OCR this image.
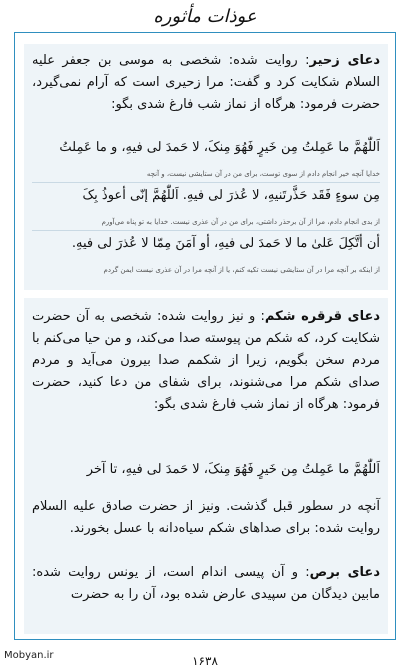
عوذات مأثوره

دعای زحیر: روایت شده: شخصی به موسی بن جعفر علیه السلام شکایت کرد و گفت: مرا زحیری است که آرام نمی‌گیرد، حضرت فرمود: هرگاه از نماز شب فارغ شدی بگو:

اَللّٰهُمَّ ما عَمِلتُ مِن خَیرٍ فَهُوَ مِنکَ، لا حَمدَ لی فیهِ، و ما عَمِلتُ

خدایا آنچه خیر انجام دادم از سوی توست، برای من در آن ستایشی نیست، و آنچه

مِن سوءٍ فَقَد حَذَّرتَنیهِ، لا عُذرَ لی فیهِ. اَللّٰهُمَّ إنّی أعوذُ بِکَ

از بدی انجام دادم، مرا از آن برحذر داشتی، برای من در آن عذری نیست. خدایا به تو پناه می‌آورم

أن أتَّکِلَ عَلیٰ ما لا حَمدَ لی فیهِ، أو آمَنَ مِمّا لا عُذرَ لی فیهِ.

از اینکه بر آنچه مرا در آن ستایشی نیست تکیه کنم، یا از آنچه مرا در آن عذری نیست ایمن گردم

دعای قرقره شکم: و نیز روایت شده: شخصی به آن حضرت شکایت کرد، که شکم من پیوسته صدا می‌کند، و من حیا می‌کنم با مردم سخن بگویم، زیرا از شکمم صدا بیرون می‌آید و مردم صدای شکم مرا می‌شنوند، برای شفای من دعا کنید، حضرت فرمود: هرگاه از نماز شب فارغ شدی بگو:

اَللّٰهُمَّ ما عَمِلتُ مِن خَیرٍ فَهُوَ مِنکَ، لا حَمدَ لی فیهِ، تا آخر

آنچه در سطور قبل گذشت. ونیز از حضرت صادق علیه السلام روایت شده: برای صداهای شکم سیاه‌دانه با عسل بخورند.

دعای برص: و آن پیسی اندام است، از یونس روایت شده: مابین دیدگان من سپیدی عارض شده بود، آن را به حضرت

Mobyan.ir	۱۶۳۸
